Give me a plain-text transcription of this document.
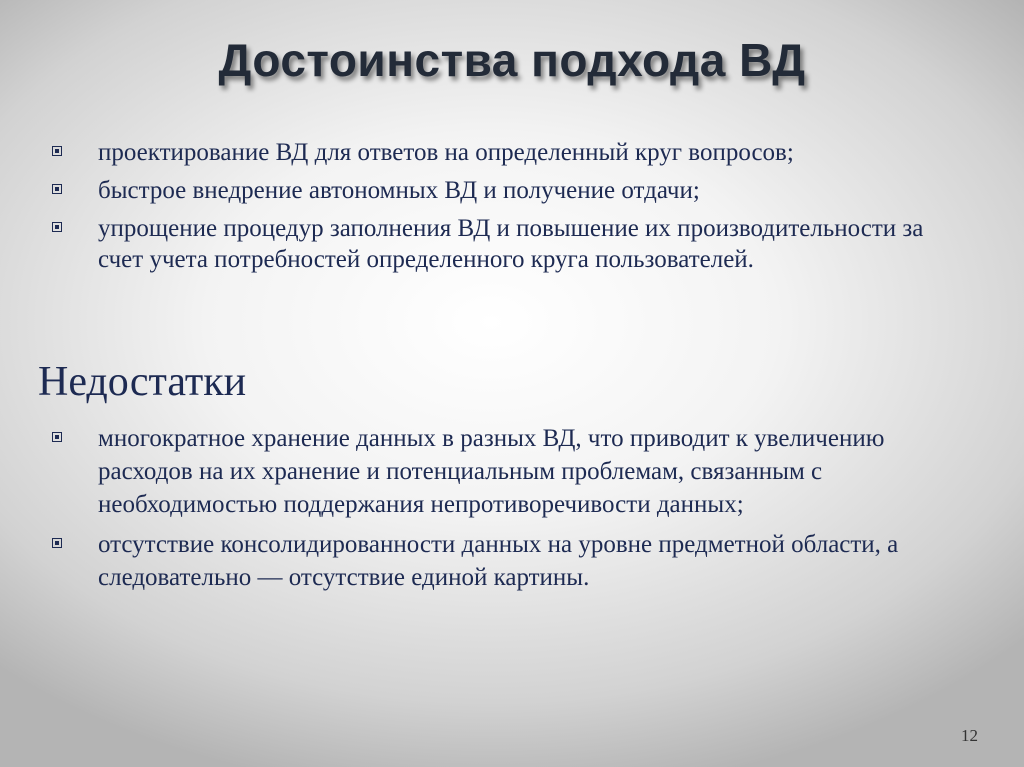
Достоинства подхода ВД
проектирование ВД для ответов на определенный круг вопросов;
быстрое внедрение автономных ВД и получение отдачи;
упрощение процедур заполнения ВД и повышение их производительности за счет учета потребностей определенного круга пользователей.
Недостатки
многократное хранение данных в разных ВД, что приводит к увеличению расходов на их хранение и потенциальным проблемам, связанным с необходимостью поддержания непротиворечивости данных;
отсутствие консолидированности данных на уровне предметной области, а следовательно — отсутствие единой картины.
12
